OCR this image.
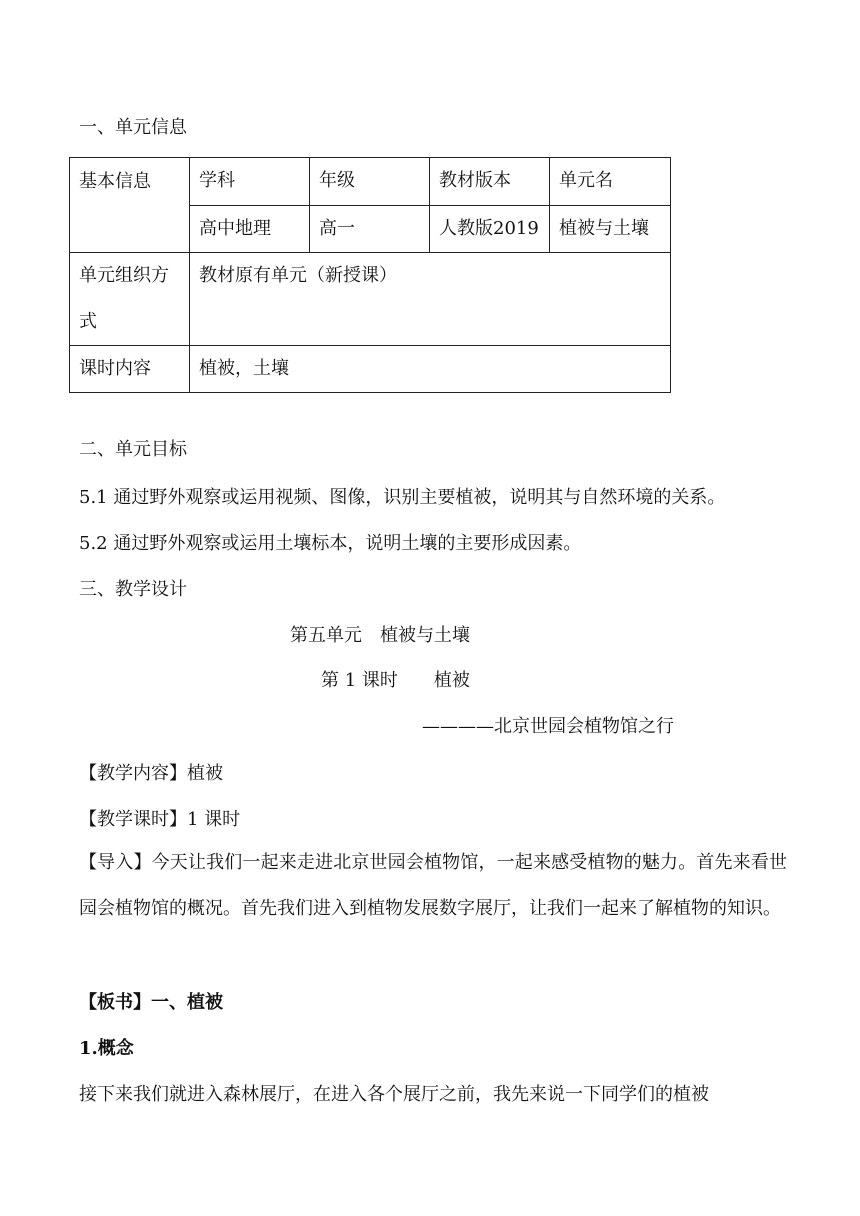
一、单元信息
基本信息	学科	年级	教材版本	单元名
	高中地理	高一	人教版2019	植被与土壤
单元组织方式	教材原有单元（新授课）			
课时内容	植被，土壤			
二、单元目标
5.1 通过野外观察或运用视频、图像，识别主要植被，说明其与自然环境的关系。
5.2 通过野外观察或运用土壤标本，说明土壤的主要形成因素。
三、教学设计
第五单元　植被与土壤
第 1 课时　　植被
————北京世园会植物馆之行
【教学内容】植被
【教学课时】1 课时
【导入】今天让我们一起来走进北京世园会植物馆，一起来感受植物的魅力。首先来看世园会植物馆的概况。首先我们进入到植物发展数字展厅，让我们一起来了解植物的知识。
【板书】一、植被
1.概念
接下来我们就进入森林展厅，在进入各个展厅之前，我先来说一下同学们的植被
